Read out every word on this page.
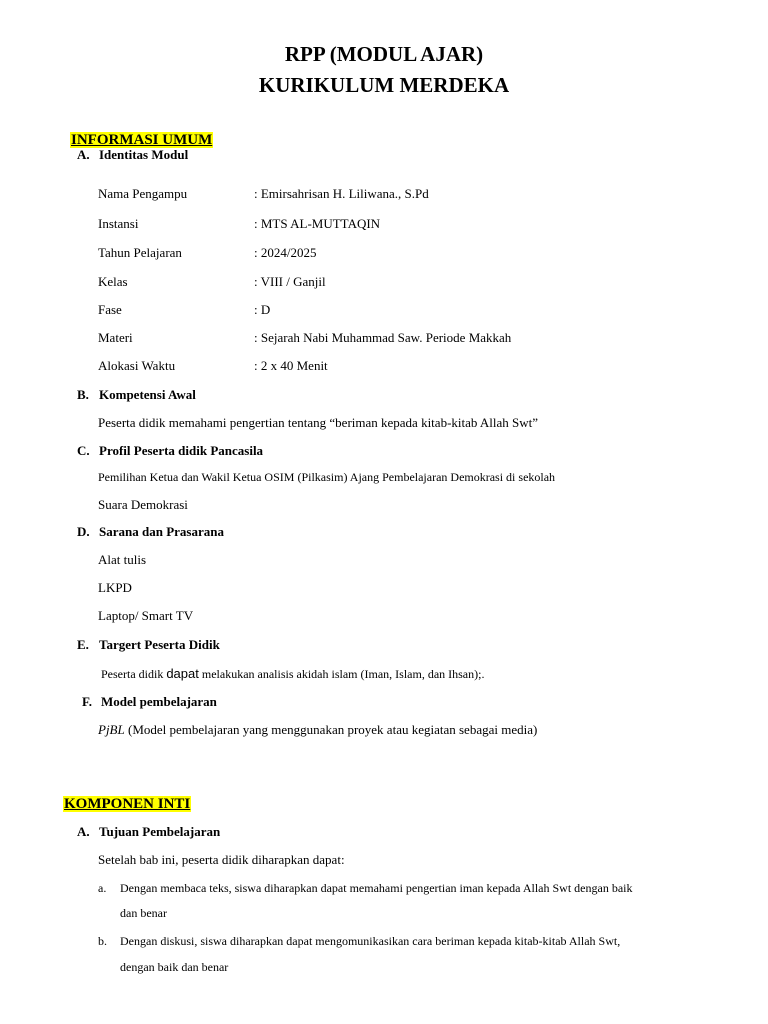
RPP (MODUL AJAR)
KURIKULUM MERDEKA
INFORMASI UMUM
A. Identitas Modul
Nama Pengampu	: Emirsahrisan H. Liliwana., S.Pd
Instansi	: MTS AL-MUTTAQIN
Tahun Pelajaran	: 2024/2025
Kelas	: VIII / Ganjil
Fase	: D
Materi	: Sejarah Nabi Muhammad Saw. Periode Makkah
Alokasi Waktu	: 2 x 40 Menit
B. Kompetensi Awal
Peserta didik memahami pengertian tentang “beriman kepada kitab-kitab Allah Swt”
C. Profil Peserta didik Pancasila
Pemilihan Ketua dan Wakil Ketua OSIM (Pilkasim) Ajang Pembelajaran Demokrasi di sekolah
Suara Demokrasi
D. Sarana dan Prasarana
Alat tulis
LKPD
Laptop/ Smart TV
E. Targert Peserta Didik
Peserta didik dapat melakukan analisis akidah islam (Iman, Islam, dan Ihsan);.
F. Model pembelajaran
PjBL (Model pembelajaran yang menggunakan proyek atau kegiatan sebagai media)
KOMPONEN INTI
A. Tujuan Pembelajaran
Setelah bab ini, peserta didik diharapkan dapat:
a. Dengan membaca teks, siswa diharapkan dapat memahami pengertian iman kepada Allah Swt dengan baik
dan benar
b. Dengan diskusi, siswa diharapkan dapat mengomunikasikan cara beriman kepada kitab-kitab Allah Swt,
dengan baik dan benar
